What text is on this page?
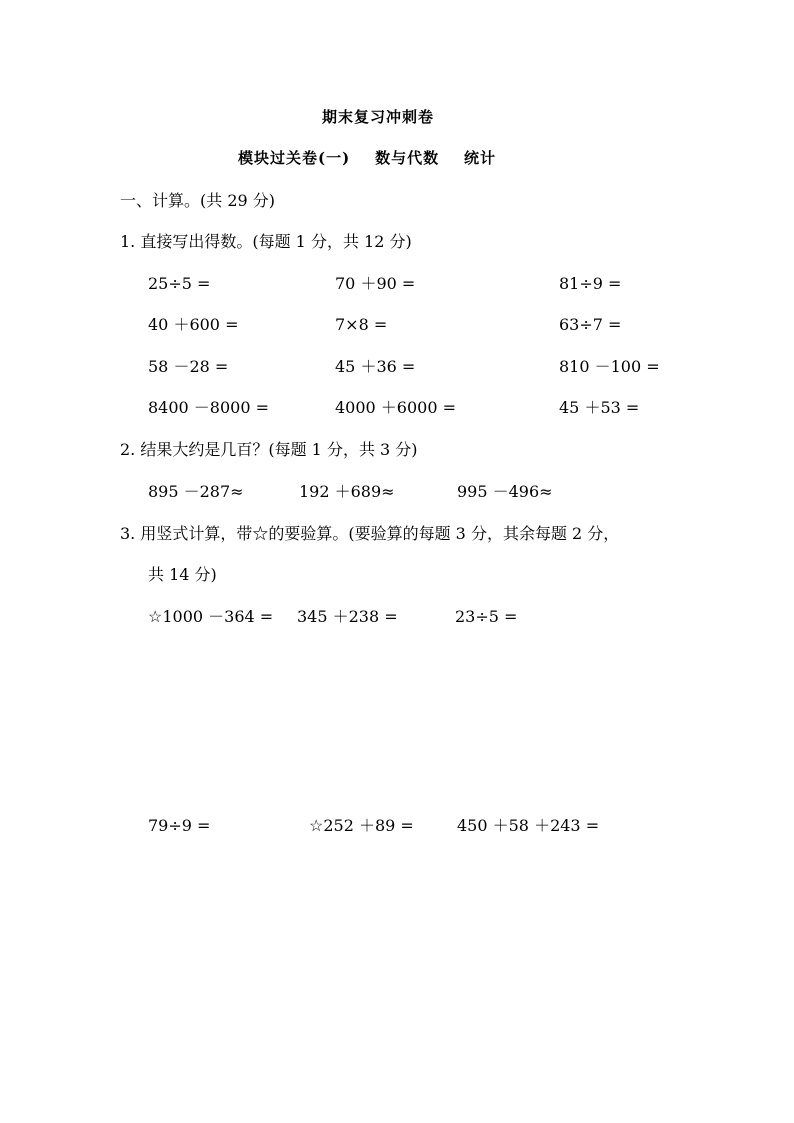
期末复习冲刺卷
模块过关卷(一)    数与代数    统计
一、计算。(共 29 分)
1. 直接写出得数。(每题 1 分，共 12 分)
25÷5 =	70 ＋90 =	81÷9 =
40 ＋600 =	7×8 =	63÷7 =
58 －28 =	45 ＋36 =	810 －100 =
8400 －8000 =	4000 ＋6000 =	45 ＋53 =
2. 结果大约是几百？(每题 1 分，共 3 分)
895 －287≈	192 ＋689≈	995 －496≈
3. 用竖式计算，带☆的要验算。(要验算的每题 3 分，其余每题 2 分，
共 14 分)
☆1000 －364 = 345 ＋238 =	23÷5 =
79÷9 =	☆252 ＋89 =	450 ＋58 ＋243 =
